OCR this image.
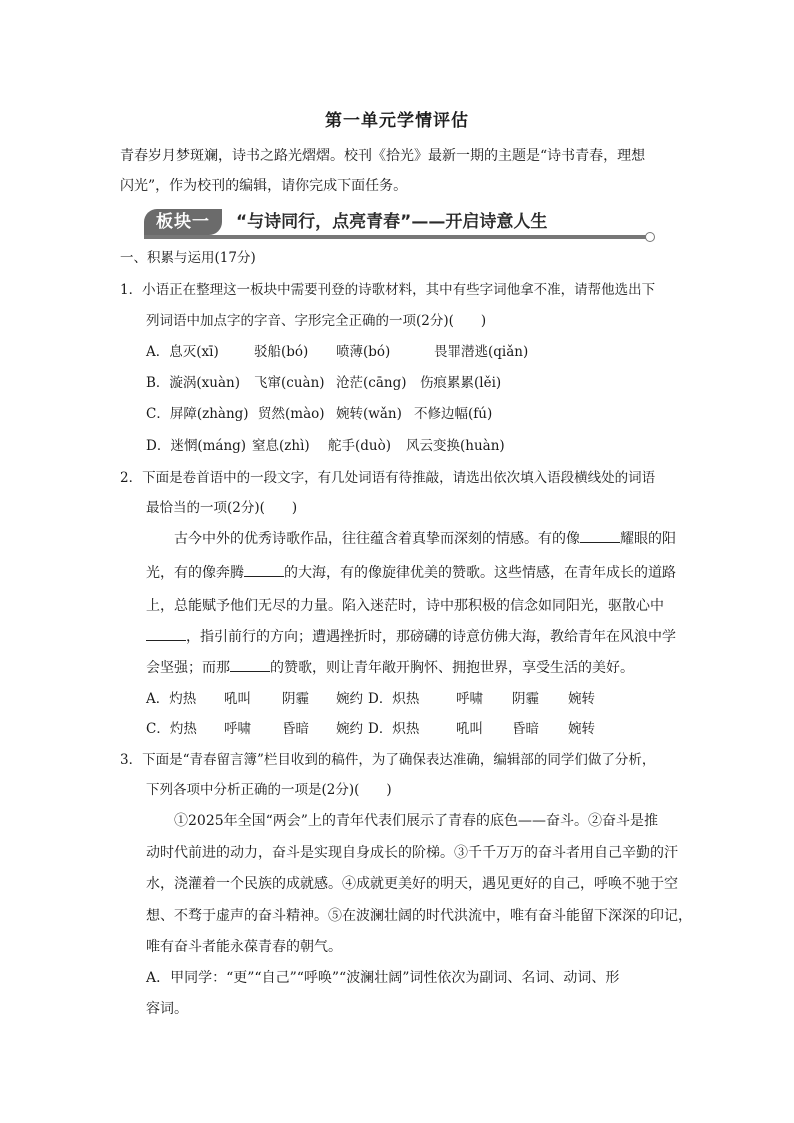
第一单元学情评估
青春岁月梦斑斓，诗书之路光熠熠。校刊《拾光》最新一期的主题是“诗书青春，理想
闪光”，作为校刊的编辑，请你完成下面任务。
板块一	“与诗同行，点亮青春”——开启诗意人生
一、积累与运用(17分)
1．小语正在整理这一板块中需要刊登的诗歌材料，其中有些字词他拿不准，请帮他选出下
列词语中加点字的字音、字形完全正确的一项(2分)(　　)
A．息灭(xī)	驳船(bó) 喷薄(bó)	畏罪潜逃(qiǎn)
B．漩涡(xuàn) 飞窜(cuàn) 沧茫(cāng) 伤痕累累(lěi)
C．屏障(zhàng) 贸然(mào) 婉转(wǎn) 不修边幅(fú)
D．迷惘(máng) 窒息(zhì) 舵手(duò) 风云变换(huàn)
2．下面是卷首语中的一段文字，有几处词语有待推敲，请选出依次填入语段横线处的词语
最恰当的一项(2分)(　　)
古今中外的优秀诗歌作品，往往蕴含着真挚而深刻的情感。有的像	耀眼的阳
光，有的像奔腾	的大海，有的像旋律优美的赞歌。这些情感，在青年成长的道路
上，总能赋予他们无尽的力量。陷入迷茫时，诗中那积极的信念如同阳光，驱散心中
，指引前行的方向；遭遇挫折时，那磅礴的诗意仿佛大海，教给青年在风浪中学
会坚强；而那	的赞歌，则让青年敞开胸怀、拥抱世界，享受生活的美好。
A．灼热 吼叫 阴霾 婉约 D．炽热	呼啸 阴霾 婉转
C．灼热 呼啸 昏暗 婉约 D．炽热	吼叫 昏暗 婉转
3．下面是“青春留言簿”栏目收到的稿件，为了确保表达准确，编辑部的同学们做了分析，
下列各项中分析正确的一项是(2分)(　　)
①2025年全国“两会”上的青年代表们展示了青春的底色——奋斗。②奋斗是推
动时代前进的动力，奋斗是实现自身成长的阶梯。③千千万万的奋斗者用自己辛勤的汗
水，浇灌着一个民族的成就感。④成就更美好的明天，遇见更好的自己，呼唤不驰于空
想、不骛于虚声的奋斗精神。⑤在波澜壮阔的时代洪流中，唯有奋斗能留下深深的印记，
唯有奋斗者能永葆青春的朝气。
A．甲同学：“更”“自己”“呼唤”“波澜壮阔”词性依次为副词、名词、动词、形
容词。
